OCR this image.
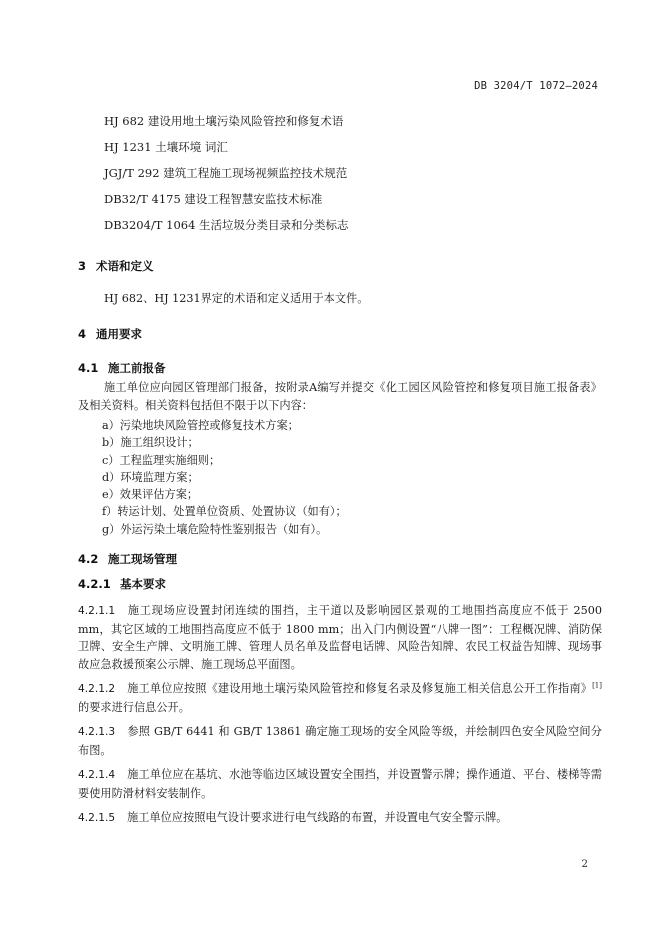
DB 3204/T 1072—2024
HJ 682 建设用地土壤污染风险管控和修复术语
HJ 1231 土壤环境 词汇
JGJ/T 292 建筑工程施工现场视频监控技术规范
DB32/T 4175 建设工程智慧安监技术标准
DB3204/T 1064 生活垃圾分类目录和分类标志
3 术语和定义
HJ 682、HJ 1231界定的术语和定义适用于本文件。
4 通用要求
4.1 施工前报备
施工单位应向园区管理部门报备，按附录A编写并提交《化工园区风险管控和修复项目施工报备表》及相关资料。相关资料包括但不限于以下内容：
a）污染地块风险管控或修复技术方案；
b）施工组织设计；
c）工程监理实施细则；
d）环境监理方案；
e）效果评估方案；
f）转运计划、处置单位资质、处置协议（如有）；
g）外运污染土壤危险特性鉴别报告（如有）。
4.2 施工现场管理
4.2.1 基本要求
4.2.1.1 施工现场应设置封闭连续的围挡，主干道以及影响园区景观的工地围挡高度应不低于 2500 mm，其它区域的工地围挡高度应不低于 1800 mm；出入门内侧设置“八牌一图”：工程概况牌、消防保卫牌、安全生产牌、文明施工牌、管理人员名单及监督电话牌、风险告知牌、农民工权益告知牌、现场事故应急救援预案公示牌、施工现场总平面图。
4.2.1.2 施工单位应按照《建设用地土壤污染风险管控和修复名录及修复施工相关信息公开工作指南》[1]的要求进行信息公开。
4.2.1.3 参照 GB/T 6441 和 GB/T 13861 确定施工现场的安全风险等级，并绘制四色安全风险空间分布图。
4.2.1.4 施工单位应在基坑、水池等临边区域设置安全围挡，并设置警示牌；操作通道、平台、楼梯等需要使用防滑材料安装制作。
4.2.1.5 施工单位应按照电气设计要求进行电气线路的布置，并设置电气安全警示牌。
2
